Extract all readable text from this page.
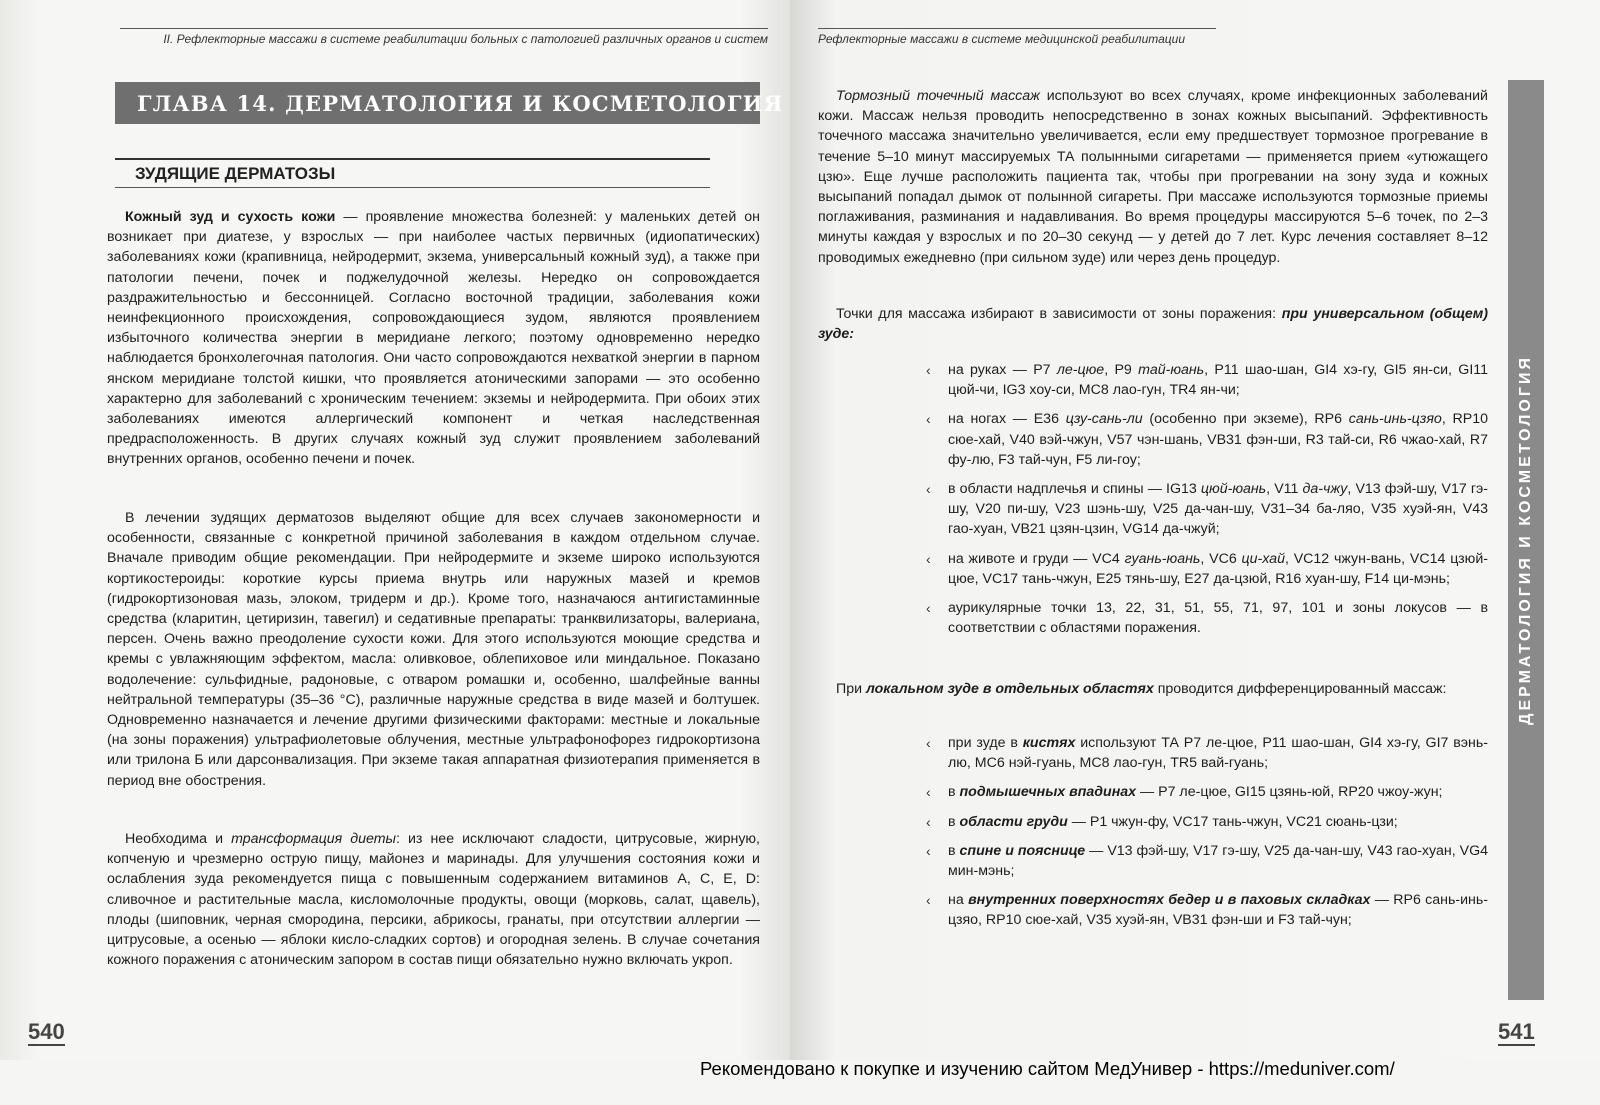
II. Рефлекторные массажи в системе реабилитации больных с патологией различных органов и систем
ГЛАВА 14. ДЕРМАТОЛОГИЯ И КОСМЕТОЛОГИЯ
ЗУДЯЩИЕ ДЕРМАТОЗЫ

Кожный зуд и сухость кожи — проявление множества болезней: у маленьких детей он возникает при диатезе, у взрослых — при наиболее частых первичных (идиопатических) заболеваниях кожи (крапивница, нейродермит, экзема, универсальный кожный зуд), а также при патологии печени, почек и поджелудочной железы. Нередко он сопровождается раздражительностью и бессонницей. Согласно восточной традиции, заболевания кожи неинфекционного происхождения, сопровождающиеся зудом, являются проявлением избыточного количества энергии в меридиане легкого; поэтому одновременно нередко наблюдается бронхолегочная патология. Они часто сопровождаются нехваткой энергии в парном янском меридиане толстой кишки, что проявляется атоническими запорами — это особенно характерно для заболеваний с хроническим течением: экземы и нейродермита. При обоих этих заболеваниях имеются аллергический компонент и четкая наследственная предрасположенность. В других случаях кожный зуд служит проявлением заболеваний внутренних органов, особенно печени и почек.

В лечении зудящих дерматозов выделяют общие для всех случаев закономерности и особенности, связанные с конкретной причиной заболевания в каждом отдельном случае. Вначале приводим общие рекомендации. При нейродермите и экземе широко используются кортикостероиды: короткие курсы приема внутрь или наружных мазей и кремов (гидрокортизоновая мазь, элоком, тридерм и др.). Кроме того, назначаюся антигистаминные средства (кларитин, цетиризин, тавегил) и седативные препараты: транквилизаторы, валериана, персен. Очень важно преодоление сухости кожи. Для этого используются моющие средства и кремы с увлажняющим эффектом, масла: оливковое, облепиховое или миндальное. Показано водолечение: сульфидные, радоновые, с отваром ромашки и, особенно, шалфейные ванны нейтральной температуры (35–36 °С), различные наружные средства в виде мазей и болтушек. Одновременно назначается и лечение другими физическими факторами: местные и локальные (на зоны поражения) ультрафиолетовые облучения, местные ультрафонофорез гидрокортизона или трилона Б или дарсонвализация. При экземе такая аппаратная физиотерапия применяется в период вне обострения.

Необходима и трансформация диеты: из нее исключают сладости, цитрусовые, жирную, копченую и чрезмерно острую пищу, майонез и маринады. Для улучшения состояния кожи и ослабления зуда рекомендуется пища с повышенным содержанием витаминов А, С, Е, D: сливочное и растительные масла, кисломолочные продукты, овощи (морковь, салат, щавель), плоды (шиповник, черная смородина, персики, абрикосы, гранаты, при отсутствии аллергии — цитрусовые, а осенью — яблоки кисло-сладких сортов) и огородная зелень. В случае сочетания кожного поражения с атоническим запором в состав пищи обязательно нужно включать укроп.

540
Рефлекторные массажи в системе медицинской реабилитации

Тормозный точечный массаж используют во всех случаях, кроме инфекционных заболеваний кожи. Массаж нельзя проводить непосредственно в зонах кожных высыпаний. Эффективность точечного массажа значительно увеличивается, если ему предшествует тормозное прогревание в течение 5–10 минут массируемых ТА полынными сигаретами — применяется прием «утюжащего цзю». Еще лучше расположить пациента так, чтобы при прогревании на зону зуда и кожных высыпаний попадал дымок от полынной сигареты. При массаже используются тормозные приемы поглаживания, разминания и надавливания. Во время процедуры массируются 5–6 точек, по 2–3 минуты каждая у взрослых и по 20–30 секунд — у детей до 7 лет. Курс лечения составляет 8–12 проводимых ежедневно (при сильном зуде) или через день процедур.

Точки для массажа избирают в зависимости от зоны поражения: при универсальном (общем) зуде:

‹ на руках — Р7 ле-цюе, Р9 тай-юань, Р11 шао-шан, GI4 хэ-гу, GI5 ян-си, GI11 цюй-чи, IG3 хоу-си, МС8 лао-гун, TR4 ян-чи;
‹ на ногах — Е36 цзу-сань-ли (особенно при экземе), RP6 сань-инь-цзяо, RP10 сюе-хай, V40 вэй-чжун, V57 чэн-шань, VB31 фэн-ши, R3 тай-си, R6 чжао-хай, R7 фу-лю, F3 тай-чун, F5 ли-гоу;
‹ в области надплечья и спины — IG13 цюй-юань, V11 да-чжу, V13 фэй-шу, V17 гэ-шу, V20 пи-шу, V23 шэнь-шу, V25 да-чан-шу, V31–34 ба-ляо, V35 хуэй-ян, V43 гао-хуан, VB21 цзян-цзин, VG14 да-чжуй;
‹ на животе и груди — VC4 гуань-юань, VC6 ци-хай, VC12 чжун-вань, VC14 цзюй-цюе, VC17 тань-чжун, Е25 тянь-шу, Е27 да-цзюй, R16 хуан-шу, F14 ци-мэнь;
‹ аурикулярные точки 13, 22, 31, 51, 55, 71, 97, 101 и зоны локусов — в соответствии с областями поражения.

При локальном зуде в отдельных областях проводится дифференцированный массаж:

‹ при зуде в кистях используют ТА Р7 ле-цюе, Р11 шао-шан, GI4 хэ-гу, GI7 вэнь-лю, МС6 нэй-гуань, МС8 лао-гун, TR5 вай-гуань;
‹ в подмышечных впадинах — Р7 ле-цюе, GI15 цзянь-юй, RP20 чжоу-жун;
‹ в области груди — Р1 чжун-фу, VC17 тань-чжун, VC21 сюань-цзи;
‹ в спине и пояснице — V13 фэй-шу, V17 гэ-шу, V25 да-чан-шу, V43 гао-хуан, VG4 мин-мэнь;
‹ на внутренних поверхностях бедер и в паховых складках — RP6 сань-инь-цзяо, RP10 сюе-хай, V35 хуэй-ян, VB31 фэн-ши и F3 тай-чун;
ДЕРМАТОЛОГИЯ И КОСМЕТОЛОГИЯ
541
Рекомендовано к покупке и изучению сайтом МедУнивер - https://meduniver.com/
